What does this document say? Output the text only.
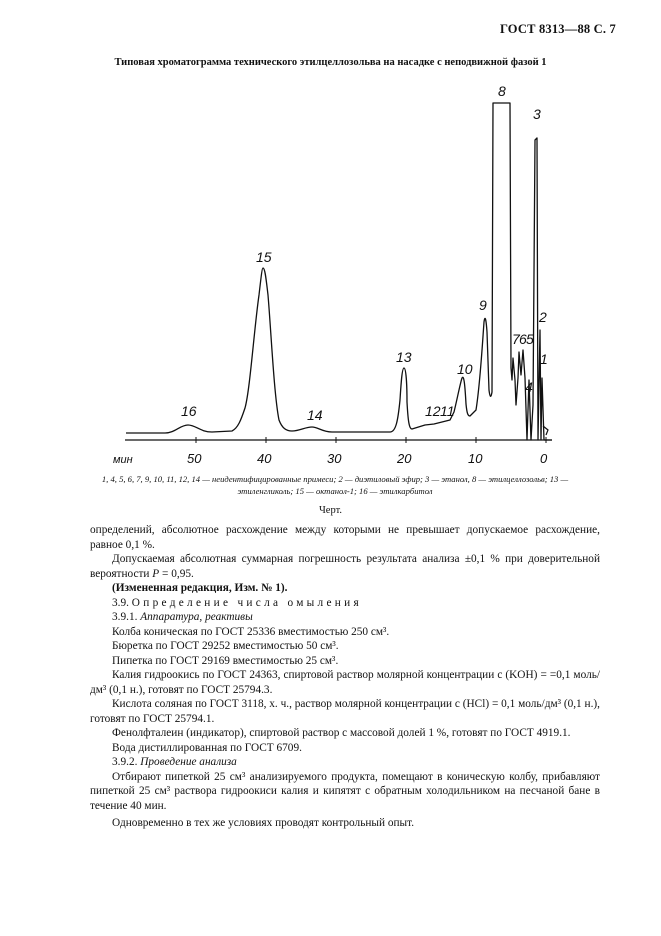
ГОСТ 8313—88 С. 7
Типовая хроматограмма технического этилцеллозольва на насадке с неподвижной фазой 1
мин	50	40	30	20	10	0
16
15
14
13
12 11
10
9
8
7 6 5
4
3
2
1
1, 4, 5, 6, 7, 9, 10, 11, 12, 14 — неидентифицированные примеси; 2 — диэтиловый эфир; 3 — этанол, 8 — этилцеллозольв; 13 — этиленгликоль; 15 — октанол-1; 16 — этилкарбитол
Черт.

определений, абсолютное расхождение между которыми не превышает допускаемое расхождение, равное 0,1 %.

Допускаемая абсолютная суммарная погрешность результата анализа ±0,1 % при доверительной вероятности P = 0,95.

(Измененная редакция, Изм. № 1).

3.9. Определение числа омыления

3.9.1. Аппаратура, реактивы

Колба коническая по ГОСТ 25336 вместимостью 250 см³.

Бюретка по ГОСТ 29252 вместимостью 50 см³.

Пипетка по ГОСТ 29169 вместимостью 25 см³.

Калия гидроокись по ГОСТ 24363, спиртовой раствор молярной концентрации c (KOH) = =0,1 моль/дм³ (0,1 н.), готовят по ГОСТ 25794.3.

Кислота соляная по ГОСТ 3118, х. ч., раствор молярной концентрации c (HCl) = 0,1 моль/дм³ (0,1 н.), готовят по ГОСТ 25794.1.

Фенолфталеин (индикатор), спиртовой раствор с массовой долей 1 %, готовят по ГОСТ 4919.1.

Вода дистиллированная по ГОСТ 6709.

3.9.2. Проведение анализа

Отбирают пипеткой 25 см³ анализируемого продукта, помещают в коническую колбу, прибавляют пипеткой 25 см³ раствора гидроокиси калия и кипятят с обратным холодильником на песчаной бане в течение 40 мин.

Одновременно в тех же условиях проводят контрольный опыт.
